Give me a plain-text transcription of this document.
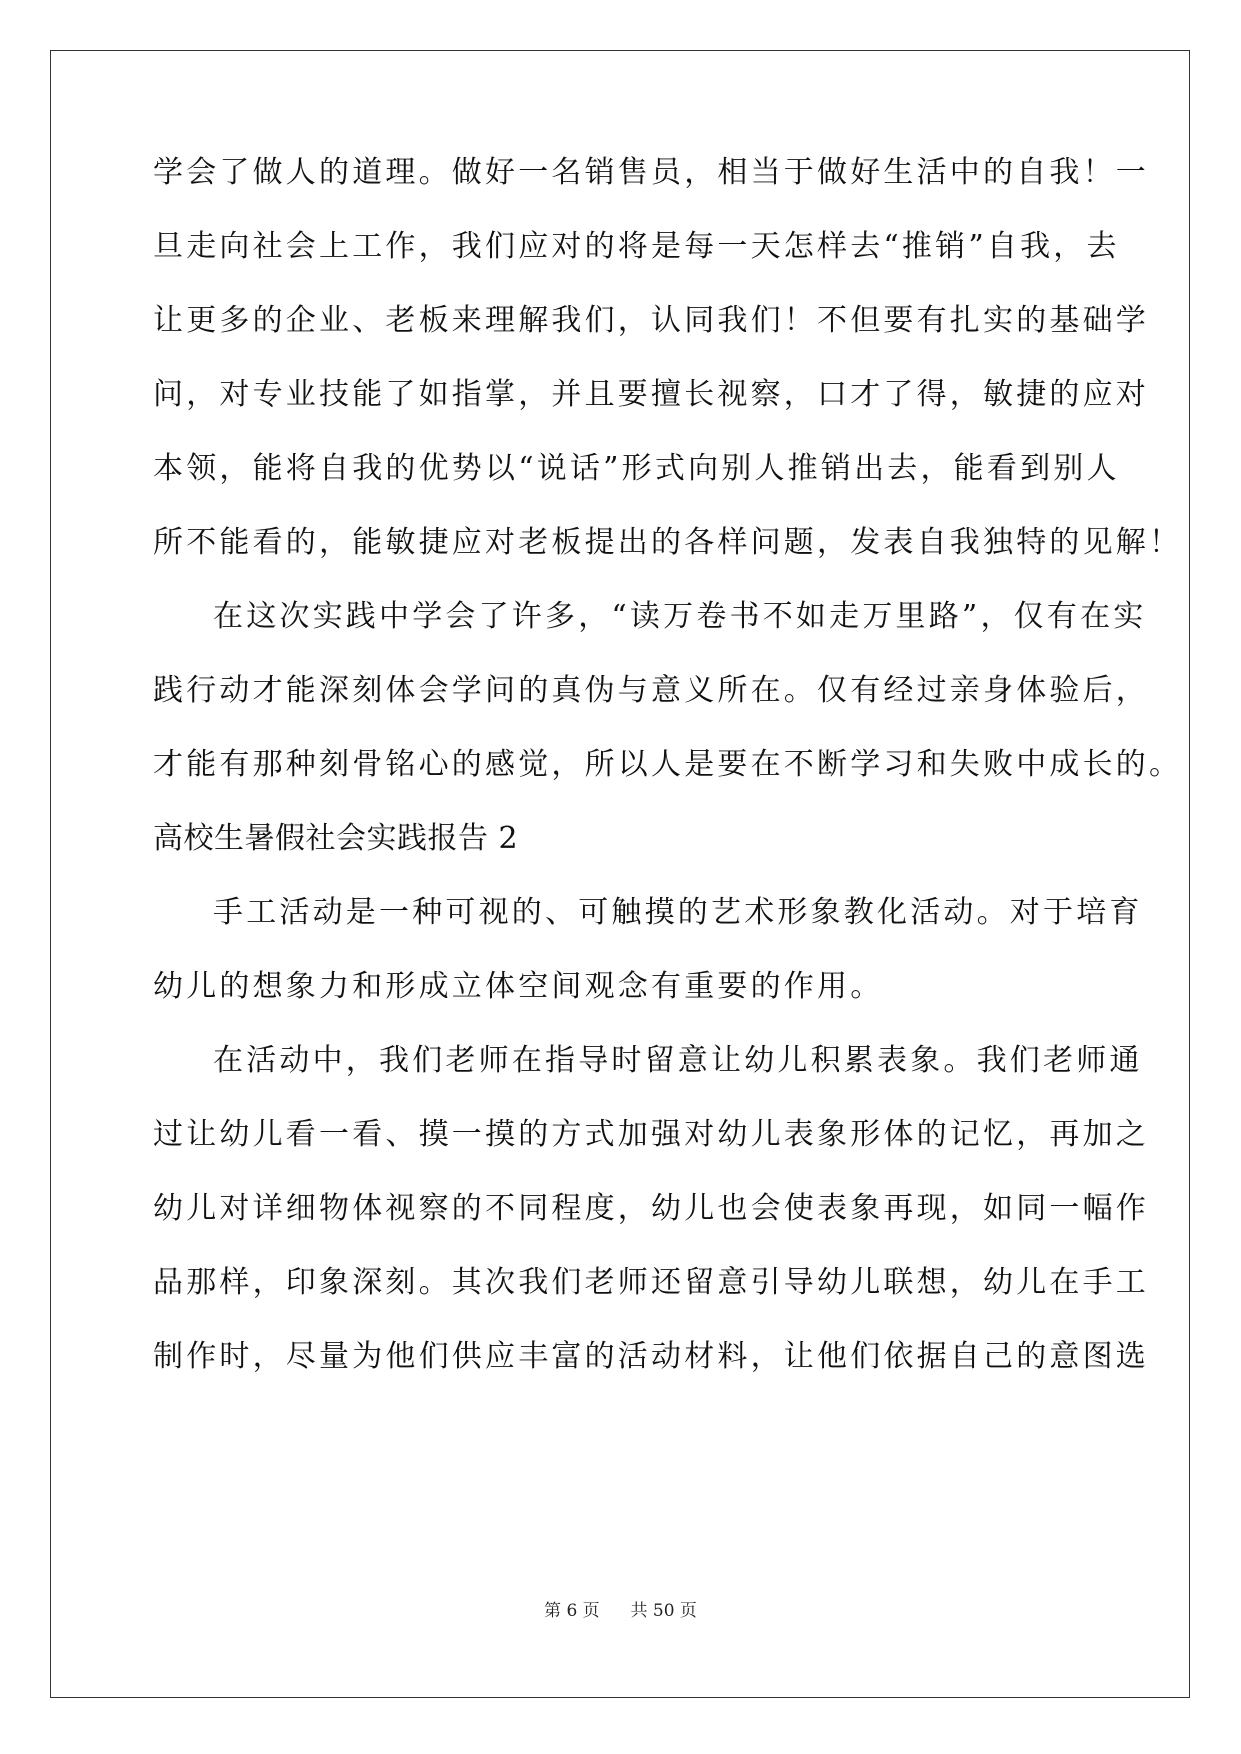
学会了做人的道理。做好一名销售员，相当于做好生活中的自我！一
旦走向社会上工作，我们应对的将是每一天怎样去“推销”自我，去
让更多的企业、老板来理解我们，认同我们！不但要有扎实的基础学
问，对专业技能了如指掌，并且要擅长视察，口才了得，敏捷的应对
本领，能将自我的优势以“说话”形式向别人推销出去，能看到别人
所不能看的，能敏捷应对老板提出的各样问题，发表自我独特的见解！
在这次实践中学会了许多，“读万卷书不如走万里路”，仅有在实
践行动才能深刻体会学问的真伪与意义所在。仅有经过亲身体验后，
才能有那种刻骨铭心的感觉，所以人是要在不断学习和失败中成长的。
高校生暑假社会实践报告 2
手工活动是一种可视的、可触摸的艺术形象教化活动。对于培育
幼儿的想象力和形成立体空间观念有重要的作用。
在活动中，我们老师在指导时留意让幼儿积累表象。我们老师通
过让幼儿看一看、摸一摸的方式加强对幼儿表象形体的记忆，再加之
幼儿对详细物体视察的不同程度，幼儿也会使表象再现，如同一幅作
品那样，印象深刻。其次我们老师还留意引导幼儿联想，幼儿在手工
制作时，尽量为他们供应丰富的活动材料，让他们依据自己的意图选
第 6 页 共 50 页
